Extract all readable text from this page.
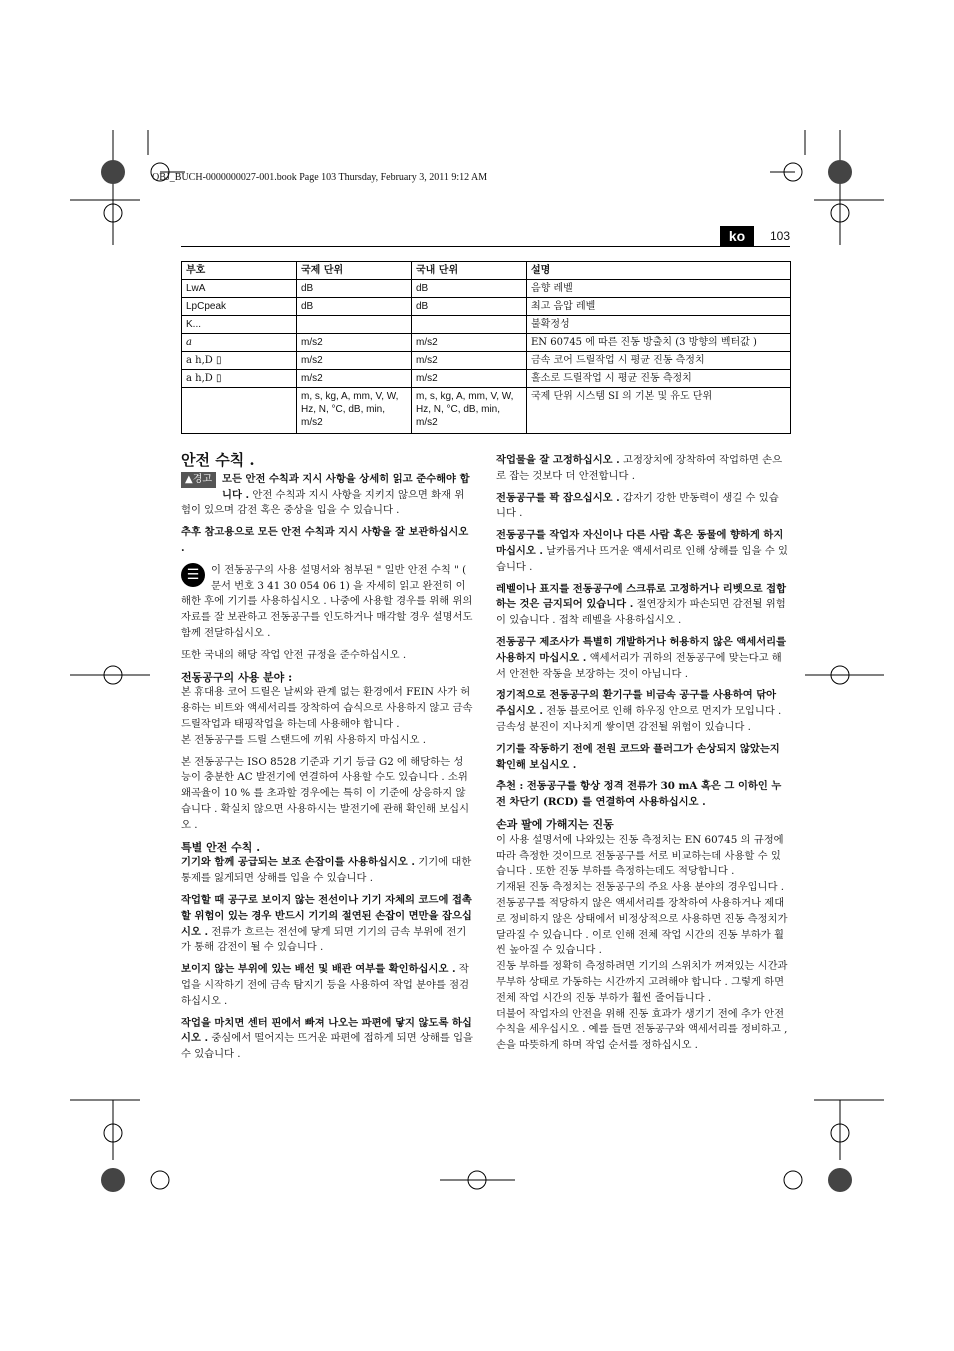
OBJ_BUCH-0000000027-001.book Page 103 Thursday, February 3, 2011 9:12 AM
ko	103
부호	국제 단위	국내 단위	설명
LwA	dB	dB	음향 레벨
LpCpeak	dB	dB	최고 음압 레벨
K...			불확정성
a	m/s2	m/s2	EN 60745 에 따른 진동 방출치 (3 방향의 벡터값 )
a h,D ▯	m/s2	m/s2	금속 코어 드릴작업 시 평균 진동 측정치
a h,D ▯	m/s2	m/s2	홀소로 드릴작업 시 평균 진동 측정치
	m, s, kg, A, mm, V, W, Hz, N, °C, dB, min, m/s2	m, s, kg, A, mm, V, W, Hz, N, °C, dB, min, m/s2	국제 단위 시스템 SI 의 기본 및 유도 단위
안전 수칙 .

▲경고 모든 안전 수칙과 지시 사항을 상세히 읽고 준수해야 합니다 . 안전 수칙과 지시 사항을 지키지 않으면 화재 위험이 있으며 감전 혹은 중상을 입을 수 있습니다 .

추후 참고용으로 모든 안전 수칙과 지시 사항을 잘 보관하십시오 .

☰	이 전동공구의 사용 설명서와 첨부된 " 일반 안전 수칙 " ( 문서 번호 3 41 30 054 06 1) 을 자세히 읽고 완전히 이해한 후에 기기를 사용하십시오 . 나중에 사용할 경우를 위해 위의 자료를 잘 보관하고 전동공구를 인도하거나 매각할 경우 설명서도 함께 전달하십시오 .

또한 국내의 해당 작업 안전 규정을 준수하십시오 .

전동공구의 사용 분야 :

본 휴대용 코어 드릴은 날씨와 관계 없는 환경에서 FEIN 사가 허용하는 비트와 액세서리를 장착하여 습식으로 사용하지 않고 금속 드릴작업과 태핑작업을 하는데 사용해야 합니다 .

본 전동공구를 드릴 스탠드에 끼워 사용하지 마십시오 .

본 전동공구는 ISO 8528 기준과 기기 등급 G2 에 해당하는 성능이 충분한 AC 발전기에 연결하여 사용할 수도 있습니다 . 소위 왜곡율이 10 % 를 초과할 경우에는 특히 이 기준에 상응하지 않습니다 . 확실치 않으면 사용하시는 발전기에 관해 확인해 보십시오 .

특별 안전 수칙 .

기기와 함께 공급되는 보조 손잡이를 사용하십시오 . 기기에 대한 통제를 잃게되면 상해를 입을 수 있습니다 .

작업할 때 공구로 보이지 않는 전선이나 기기 자체의 코드에 접촉할 위험이 있는 경우 반드시 기기의 절연된 손잡이 면만을 잡으십시오 . 전류가 흐르는 전선에 닿게 되면 기기의 금속 부위에 전기가 통해 감전이 될 수 있습니다 .

보이지 않는 부위에 있는 배선 및 배관 여부를 확인하십시오 . 작업을 시작하기 전에 금속 탐지기 등을 사용하여 작업 분야를 점검하십시오 .

작업을 마치면 센터 핀에서 빠져 나오는 파편에 닿지 않도록 하십시오 . 중심에서 떨어지는 뜨거운 파편에 접하게 되면 상해를 입을 수 있습니다 .

작업물을 잘 고정하십시오 . 고정장치에 장착하여 작업하면 손으로 잡는 것보다 더 안전합니다 .

전동공구를 꽉 잡으십시오 . 갑자기 강한 반동력이 생길 수 있습니다 .

전동공구를 작업자 자신이나 다른 사람 혹은 동물에 향하게 하지 마십시오 . 날카롭거나 뜨거운 액세서리로 인해 상해를 입을 수 있습니다 .

레벨이나 표지를 전동공구에 스크류로 고정하거나 리벳으로 접합하는 것은 금지되어 있습니다 . 절연장치가 파손되면 감전될 위험이 있습니다 . 접착 레벨을 사용하십시오 .

전동공구 제조사가 특별히 개발하거나 허용하지 않은 액세서리를 사용하지 마십시오 . 액세서리가 귀하의 전동공구에 맞는다고 해서 안전한 작동을 보장하는 것이 아닙니다 .

정기적으로 전동공구의 환기구를 비금속 공구를 사용하여 닦아 주십시오 . 전동 블로어로 인해 하우징 안으로 먼지가 모입니다 . 금속성 분진이 지나치게 쌓이면 감전될 위험이 있습니다 .

기기를 작동하기 전에 전원 코드와 플러그가 손상되지 않았는지 확인해 보십시오 .

추천 : 전동공구를 항상 정격 전류가 30 mA 혹은 그 이하인 누전 차단기 (RCD) 를 연결하여 사용하십시오 .

손과 팔에 가해지는 진동

이 사용 설명서에 나와있는 진동 측정치는 EN 60745 의 규정에 따라 측정한 것이므로 전동공구를 서로 비교하는데 사용할 수 있습니다 . 또한 진동 부하를 측정하는데도 적당합니다 .

기재된 진동 측정치는 전동공구의 주요 사용 분야의 경우입니다 . 전동공구를 적당하지 않은 액세서리를 장착하여 사용하거나 제대로 정비하지 않은 상태에서 비정상적으로 사용하면 진동 측정치가 달라질 수 있습니다 . 이로 인해 전체 작업 시간의 진동 부하가 훨씬 높아질 수 있습니다 .

진동 부하를 정확히 측정하려면 기기의 스위치가 꺼져있는 시간과 무부하 상태로 가동하는 시간까지 고려해야 합니다 . 그렇게 하면 전체 작업 시간의 진동 부하가 훨씬 줄어듭니다 .

더불어 작업자의 안전을 위해 진동 효과가 생기기 전에 추가 안전 수칙을 세우십시오 . 예를 들면 전동공구와 액세서리를 정비하고 , 손을 따뜻하게 하며 작업 순서를 정하십시오 .
